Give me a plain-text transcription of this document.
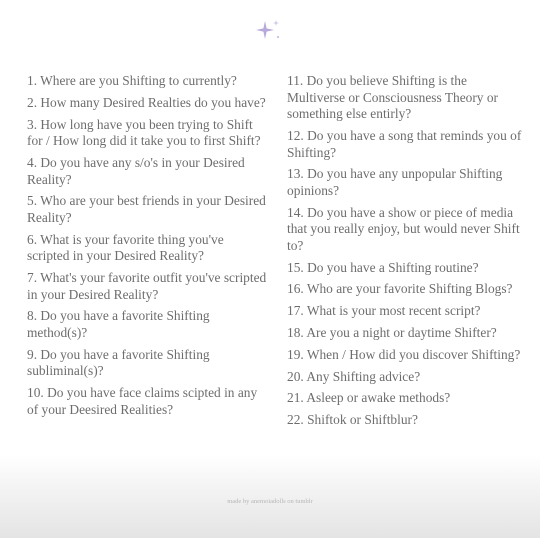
1. Where are you Shifting to currently?

2. How many Desired Realties do you have?

3. How long have you been trying to Shift for / How long did it take you to first Shift?

4. Do you have any s/o's in your Desired Reality?

5. Who are your best friends in your Desired Reality?

6. What is your favorite thing you've scripted in your Desired Reality?

7. What's your favorite outfit you've scripted in your Desired Reality?

8. Do you have a favorite Shifting method(s)?

9. Do you have a favorite Shifting subliminal(s)?

10. Do you have face claims scipted in any of your Deesired Realities?

11. Do you believe Shifting is the Multiverse or Consciousness Theory or something else entirly?

12. Do you have a song that reminds you of Shifting?

13. Do you have any unpopular Shifting opinions?

14. Do you have a show or piece of media that you really enjoy, but would never Shift to?

15. Do you have a Shifting routine?

16. Who are your favorite Shifting Blogs?

17. What is your most recent script?

18. Are you a night or daytime Shifter?

19. When / How did you discover Shifting?

20. Any Shifting advice?

21. Asleep or awake methods?

22. Shiftok or Shiftblur?

made by anemoiadolls on tumblr
